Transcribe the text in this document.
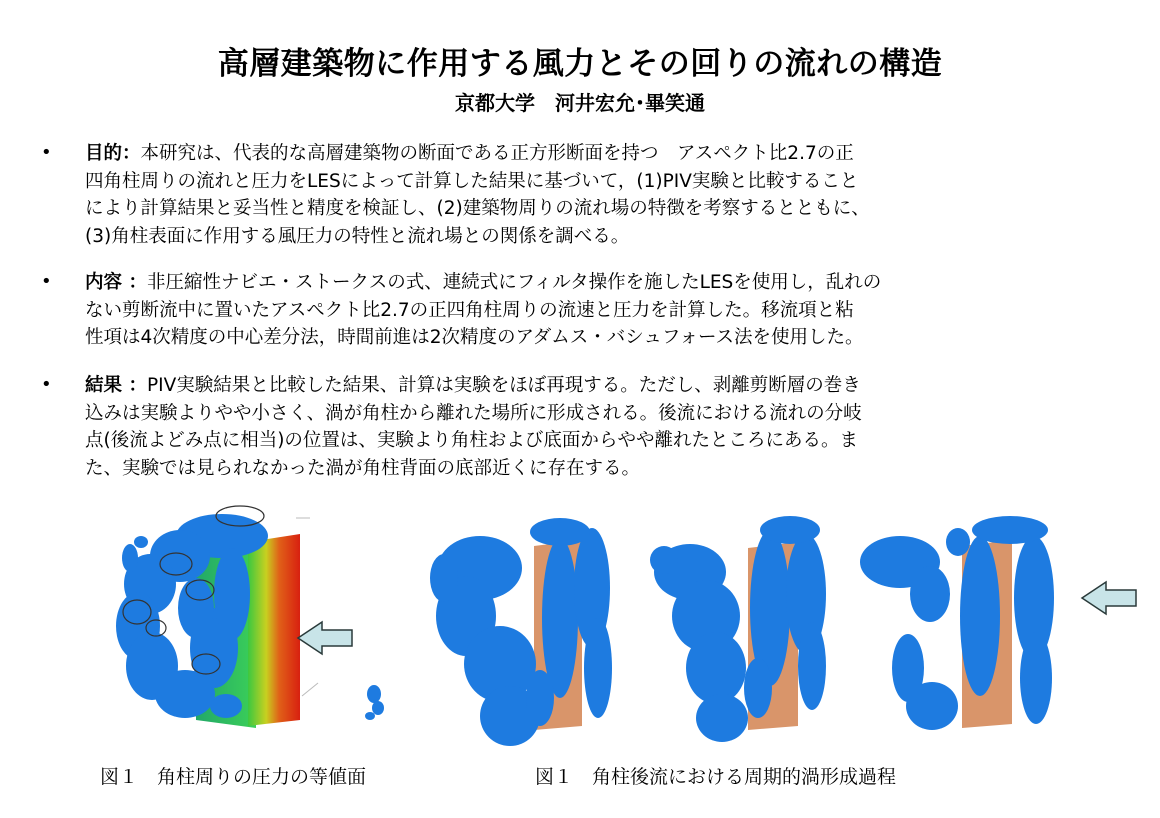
高層建築物に作用する風力とその回りの流れの構造
京都大学　河井宏允･畢笑通
• 目的：本研究は、代表的な高層建築物の断面である正方形断面を持つ　アスペクト比2.7の正
四角柱周りの流れと圧力をLESによって計算した結果に基づいて，(1)PIV実験と比較すること
により計算結果と妥当性と精度を検証し、(2)建築物周りの流れ場の特徴を考察するとともに、
(3)角柱表面に作用する風圧力の特性と流れ場との関係を調べる。
• 内容 ：非圧縮性ナビエ・ストークスの式、連続式にフィルタ操作を施したLESを使用し，乱れの
ない剪断流中に置いたアスペクト比2.7の正四角柱周りの流速と圧力を計算した。移流項と粘
性項は4次精度の中心差分法，時間前進は2次精度のアダムス・バシュフォース法を使用した。
• 結果 ：PIV実験結果と比較した結果、計算は実験をほぼ再現する。ただし、剥離剪断層の巻き
込みは実験よりやや小さく、渦が角柱から離れた場所に形成される。後流における流れの分岐
点(後流よどみ点に相当)の位置は、実験より角柱および底面からやや離れたところにある。ま
た、実験では見られなかった渦が角柱背面の底部近くに存在する。
図１　角柱周りの圧力の等値面	図１　角柱後流における周期的渦形成過程
